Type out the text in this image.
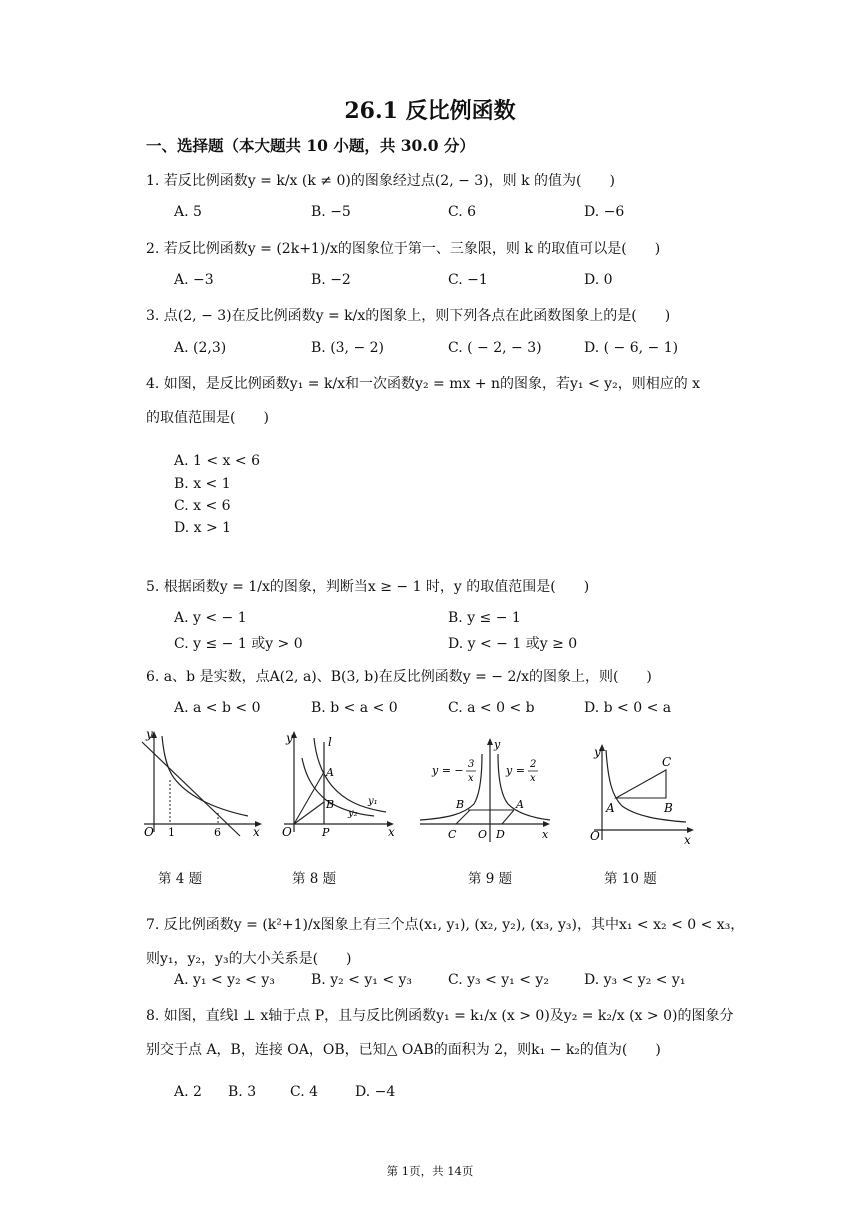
26.1 反比例函数
一、选择题（本大题共 10 小题，共 30.0 分）
1. 若反比例函数y = k/x (k ≠ 0)的图象经过点(2, − 3)，则 k 的值为(　　)
A. 5	B. −5	C. 6	D. −6
2. 若反比例函数y = (2k+1)/x的图象位于第一、三象限，则 k 的取值可以是(　　)
A. −3	B. −2	C. −1	D. 0
3. 点(2, − 3)在反比例函数y = k/x的图象上，则下列各点在此函数图象上的是(　　)
A. (2,3)	B. (3, − 2)	C. ( − 2, − 3)	D. ( − 6, − 1)
4. 如图，是反比例函数y₁ = k/x和一次函数y₂ = mx + n的图象，若y₁ < y₂，则相应的 x
的取值范围是(　　)
A. 1 < x < 6
B. x < 1
C. x < 6
D. x > 1
5. 根据函数y = 1/x的图象，判断当x ≥ − 1 时，y 的取值范围是(　　)
A. y < − 1	B. y ≤ − 1
C. y ≤ − 1 或y > 0	D. y < − 1 或y ≥ 0
6. a、b 是实数，点A(2, a)、B(3, b)在反比例函数y = − 2/x的图象上，则(　　)
A. a < b < 0	B. b < a < 0	C. a < 0 < b	D. b < 0 < a
y
O 1	6	x
y	l
A
B	y₁
y₂
O	P	x
y
y = − 3
x
y = 2
x
B	A
C O D	x
y
C
A	B
O	x
第 4 题	第 8 题	第 9 题	第 10 题
7. 反比例函数y = (k²+1)/x图象上有三个点(x₁, y₁), (x₂, y₂), (x₃, y₃)，其中x₁ < x₂ < 0 < x₃，
则y₁，y₂，y₃的大小关系是(　　)
A. y₁ < y₂ < y₃	B. y₂ < y₁ < y₃	C. y₃ < y₁ < y₂	D. y₃ < y₂ < y₁
8. 如图，直线l ⊥ x轴于点 P，且与反比例函数y₁ = k₁/x (x > 0)及y₂ = k₂/x (x > 0)的图象分
别交于点 A，B，连接 OA，OB，已知△ OAB的面积为 2，则k₁ − k₂的值为(　　)
A. 2 B. 3 C. 4	D. −4
第 1页，共 14页
